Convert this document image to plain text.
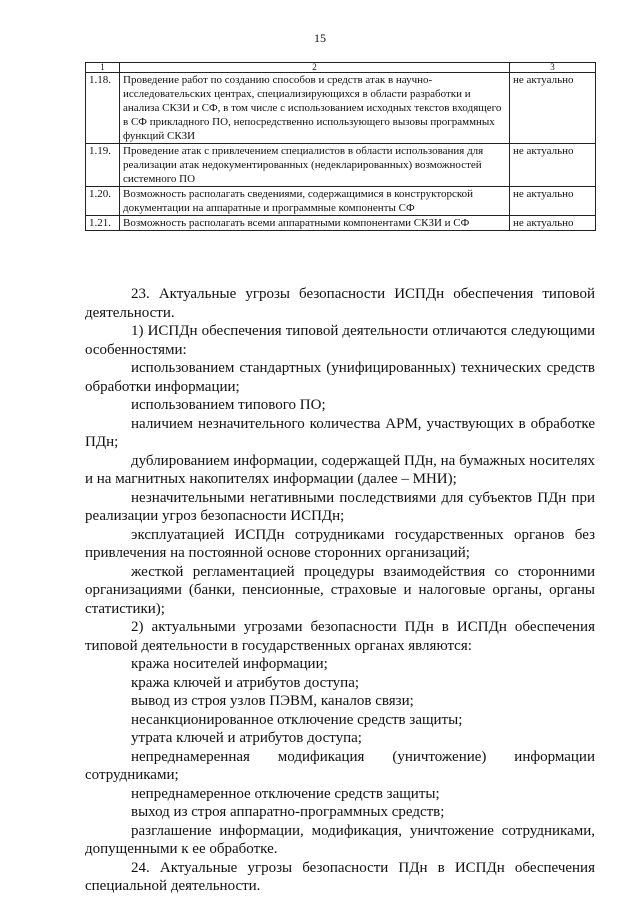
15
1	2	3
1.18.	Проведение работ по созданию способов и средств атак в научно-исследовательских центрах, специализирующихся в области разработки и анализа СКЗИ и СФ, в том числе с использованием исходных текстов входящего в СФ прикладного ПО, непосредственно использующего вызовы программных функций СКЗИ	не актуально
1.19.	Проведение атак с привлечением специалистов в области использования для реализации атак недокументированных (недекларированных) возможностей системного ПО	не актуально
1.20.	Возможность располагать сведениями, содержащимися в конструкторской документации на аппаратные и программные компоненты СФ	не актуально
1.21.	Возможность располагать всеми аппаратными компонентами СКЗИ и СФ	не актуально

23. Актуальные угрозы безопасности ИСПДн обеспечения типовой деятельности.

1) ИСПДн обеспечения типовой деятельности отличаются следующими особенностями:

использованием стандартных (унифицированных) технических средств обработки информации;

использованием типового ПО;

наличием незначительного количества АРМ, участвующих в обработке ПДн;

дублированием информации, содержащей ПДн, на бумажных носителях и на магнитных накопителях информации (далее – МНИ);

незначительными негативными последствиями для субъектов ПДн при реализации угроз безопасности ИСПДн;

эксплуатацией ИСПДн сотрудниками государственных органов без привлечения на постоянной основе сторонних организаций;

жесткой регламентацией процедуры взаимодействия со сторонними организациями (банки, пенсионные, страховые и налоговые органы, органы статистики);

2) актуальными угрозами безопасности ПДн в ИСПДн обеспечения типовой деятельности в государственных органах являются:

кража носителей информации;

кража ключей и атрибутов доступа;

вывод из строя узлов ПЭВМ, каналов связи;

несанкционированное отключение средств защиты;

утрата ключей и атрибутов доступа;

непреднамеренная модификация (уничтожение) информации сотрудниками;

непреднамеренное отключение средств защиты;

выход из строя аппаратно-программных средств;

разглашение информации, модификация, уничтожение сотрудниками, допущенными к ее обработке.

24. Актуальные угрозы безопасности ПДн в ИСПДн обеспечения специальной деятельности.
